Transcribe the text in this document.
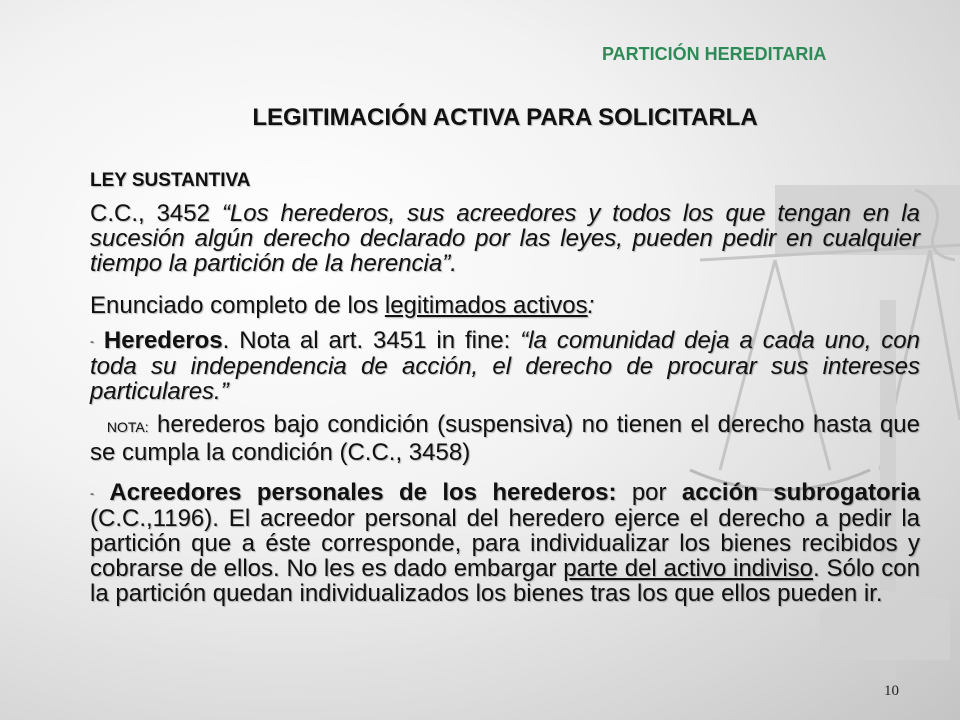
PARTICIÓN HEREDITARIA
LEGITIMACIÓN ACTIVA PARA SOLICITARLA
LEY SUSTANTIVA
C.C., 3452 “Los herederos, sus acreedores y todos los que tengan en la sucesión algún derecho declarado por las leyes, pueden pedir en cualquier tiempo la partición de la herencia”.
Enunciado completo de los legitimados activos:
- Herederos. Nota al art. 3451 in fine: “la comunidad deja a cada uno, con toda su independencia de acción, el derecho de procurar sus intereses particulares.”
NOTA: herederos bajo condición (suspensiva) no tienen el derecho hasta que se cumpla la condición (C.C., 3458)
- Acreedores personales de los herederos: por acción subrogatoria (C.C.,1196). El acreedor personal del heredero ejerce el derecho a pedir la partición que a éste corresponde, para individualizar los bienes recibidos y cobrarse de ellos. No les es dado embargar parte del activo indiviso. Sólo con la partición quedan individualizados los bienes tras los que ellos pueden ir.
10
